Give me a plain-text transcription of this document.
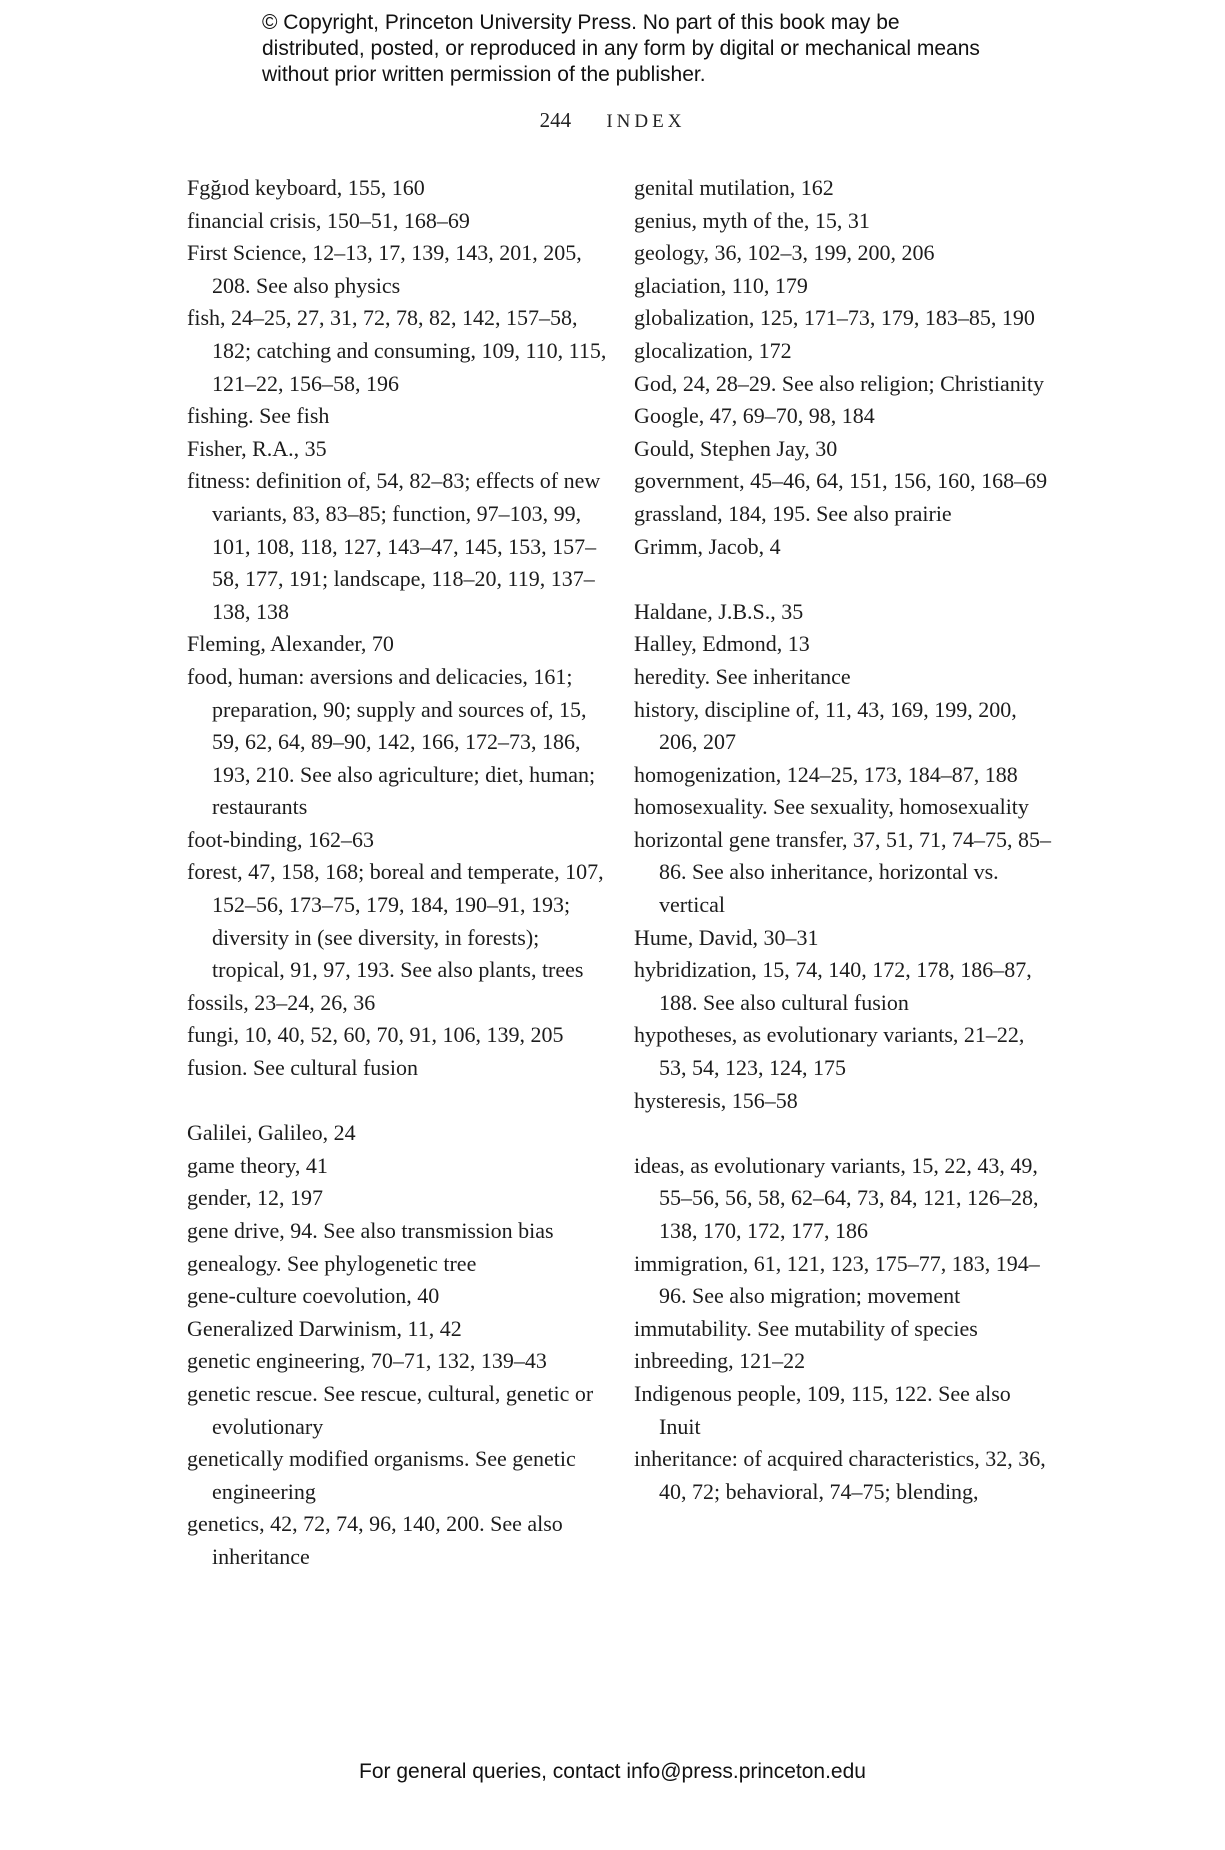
© Copyright, Princeton University Press. No part of this book may be distributed, posted, or reproduced in any form by digital or mechanical means without prior written permission of the publisher.

244 INDEX
Fgğıod keyboard, 155, 160
financial crisis, 150–51, 168–69
First Science, 12–13, 17, 139, 143, 201, 205, 208. See also physics
fish, 24–25, 27, 31, 72, 78, 82, 142, 157–58, 182; catching and consuming, 109, 110, 115, 121–22, 156–58, 196
fishing. See fish
Fisher, R.A., 35
fitness: definition of, 54, 82–83; effects of new variants, 83, 83–85; function, 97–103, 99, 101, 108, 118, 127, 143–47, 145, 153, 157–58, 177, 191; landscape, 118–20, 119, 137–138, 138
Fleming, Alexander, 70
food, human: aversions and delicacies, 161; preparation, 90; supply and sources of, 15, 59, 62, 64, 89–90, 142, 166, 172–73, 186, 193, 210. See also agriculture; diet, human; restaurants
foot-binding, 162–63
forest, 47, 158, 168; boreal and temperate, 107, 152–56, 173–75, 179, 184, 190–91, 193; diversity in (see diversity, in forests); tropical, 91, 97, 193. See also plants, trees
fossils, 23–24, 26, 36
fungi, 10, 40, 52, 60, 70, 91, 106, 139, 205
fusion. See cultural fusion
Galilei, Galileo, 24
game theory, 41
gender, 12, 197
gene drive, 94. See also transmission bias
genealogy. See phylogenetic tree
gene-culture coevolution, 40
Generalized Darwinism, 11, 42
genetic engineering, 70–71, 132, 139–43
genetic rescue. See rescue, cultural, genetic or evolutionary
genetically modified organisms. See genetic engineering
genetics, 42, 72, 74, 96, 140, 200. See also inheritance
genital mutilation, 162
genius, myth of the, 15, 31
geology, 36, 102–3, 199, 200, 206
glaciation, 110, 179
globalization, 125, 171–73, 179, 183–85, 190
glocalization, 172
God, 24, 28–29. See also religion; Christianity
Google, 47, 69–70, 98, 184
Gould, Stephen Jay, 30
government, 45–46, 64, 151, 156, 160, 168–69
grassland, 184, 195. See also prairie
Grimm, Jacob, 4
Haldane, J.B.S., 35
Halley, Edmond, 13
heredity. See inheritance
history, discipline of, 11, 43, 169, 199, 200, 206, 207
homogenization, 124–25, 173, 184–87, 188
homosexuality. See sexuality, homosexuality
horizontal gene transfer, 37, 51, 71, 74–75, 85–86. See also inheritance, horizontal vs. vertical
Hume, David, 30–31
hybridization, 15, 74, 140, 172, 178, 186–87, 188. See also cultural fusion
hypotheses, as evolutionary variants, 21–22, 53, 54, 123, 124, 175
hysteresis, 156–58
ideas, as evolutionary variants, 15, 22, 43, 49, 55–56, 56, 58, 62–64, 73, 84, 121, 126–28, 138, 170, 172, 177, 186
immigration, 61, 121, 123, 175–77, 183, 194–96. See also migration; movement
immutability. See mutability of species
inbreeding, 121–22
Indigenous people, 109, 115, 122. See also Inuit
inheritance: of acquired characteristics, 32, 36, 40, 72; behavioral, 74–75; blending,
For general queries, contact info@press.princeton.edu
